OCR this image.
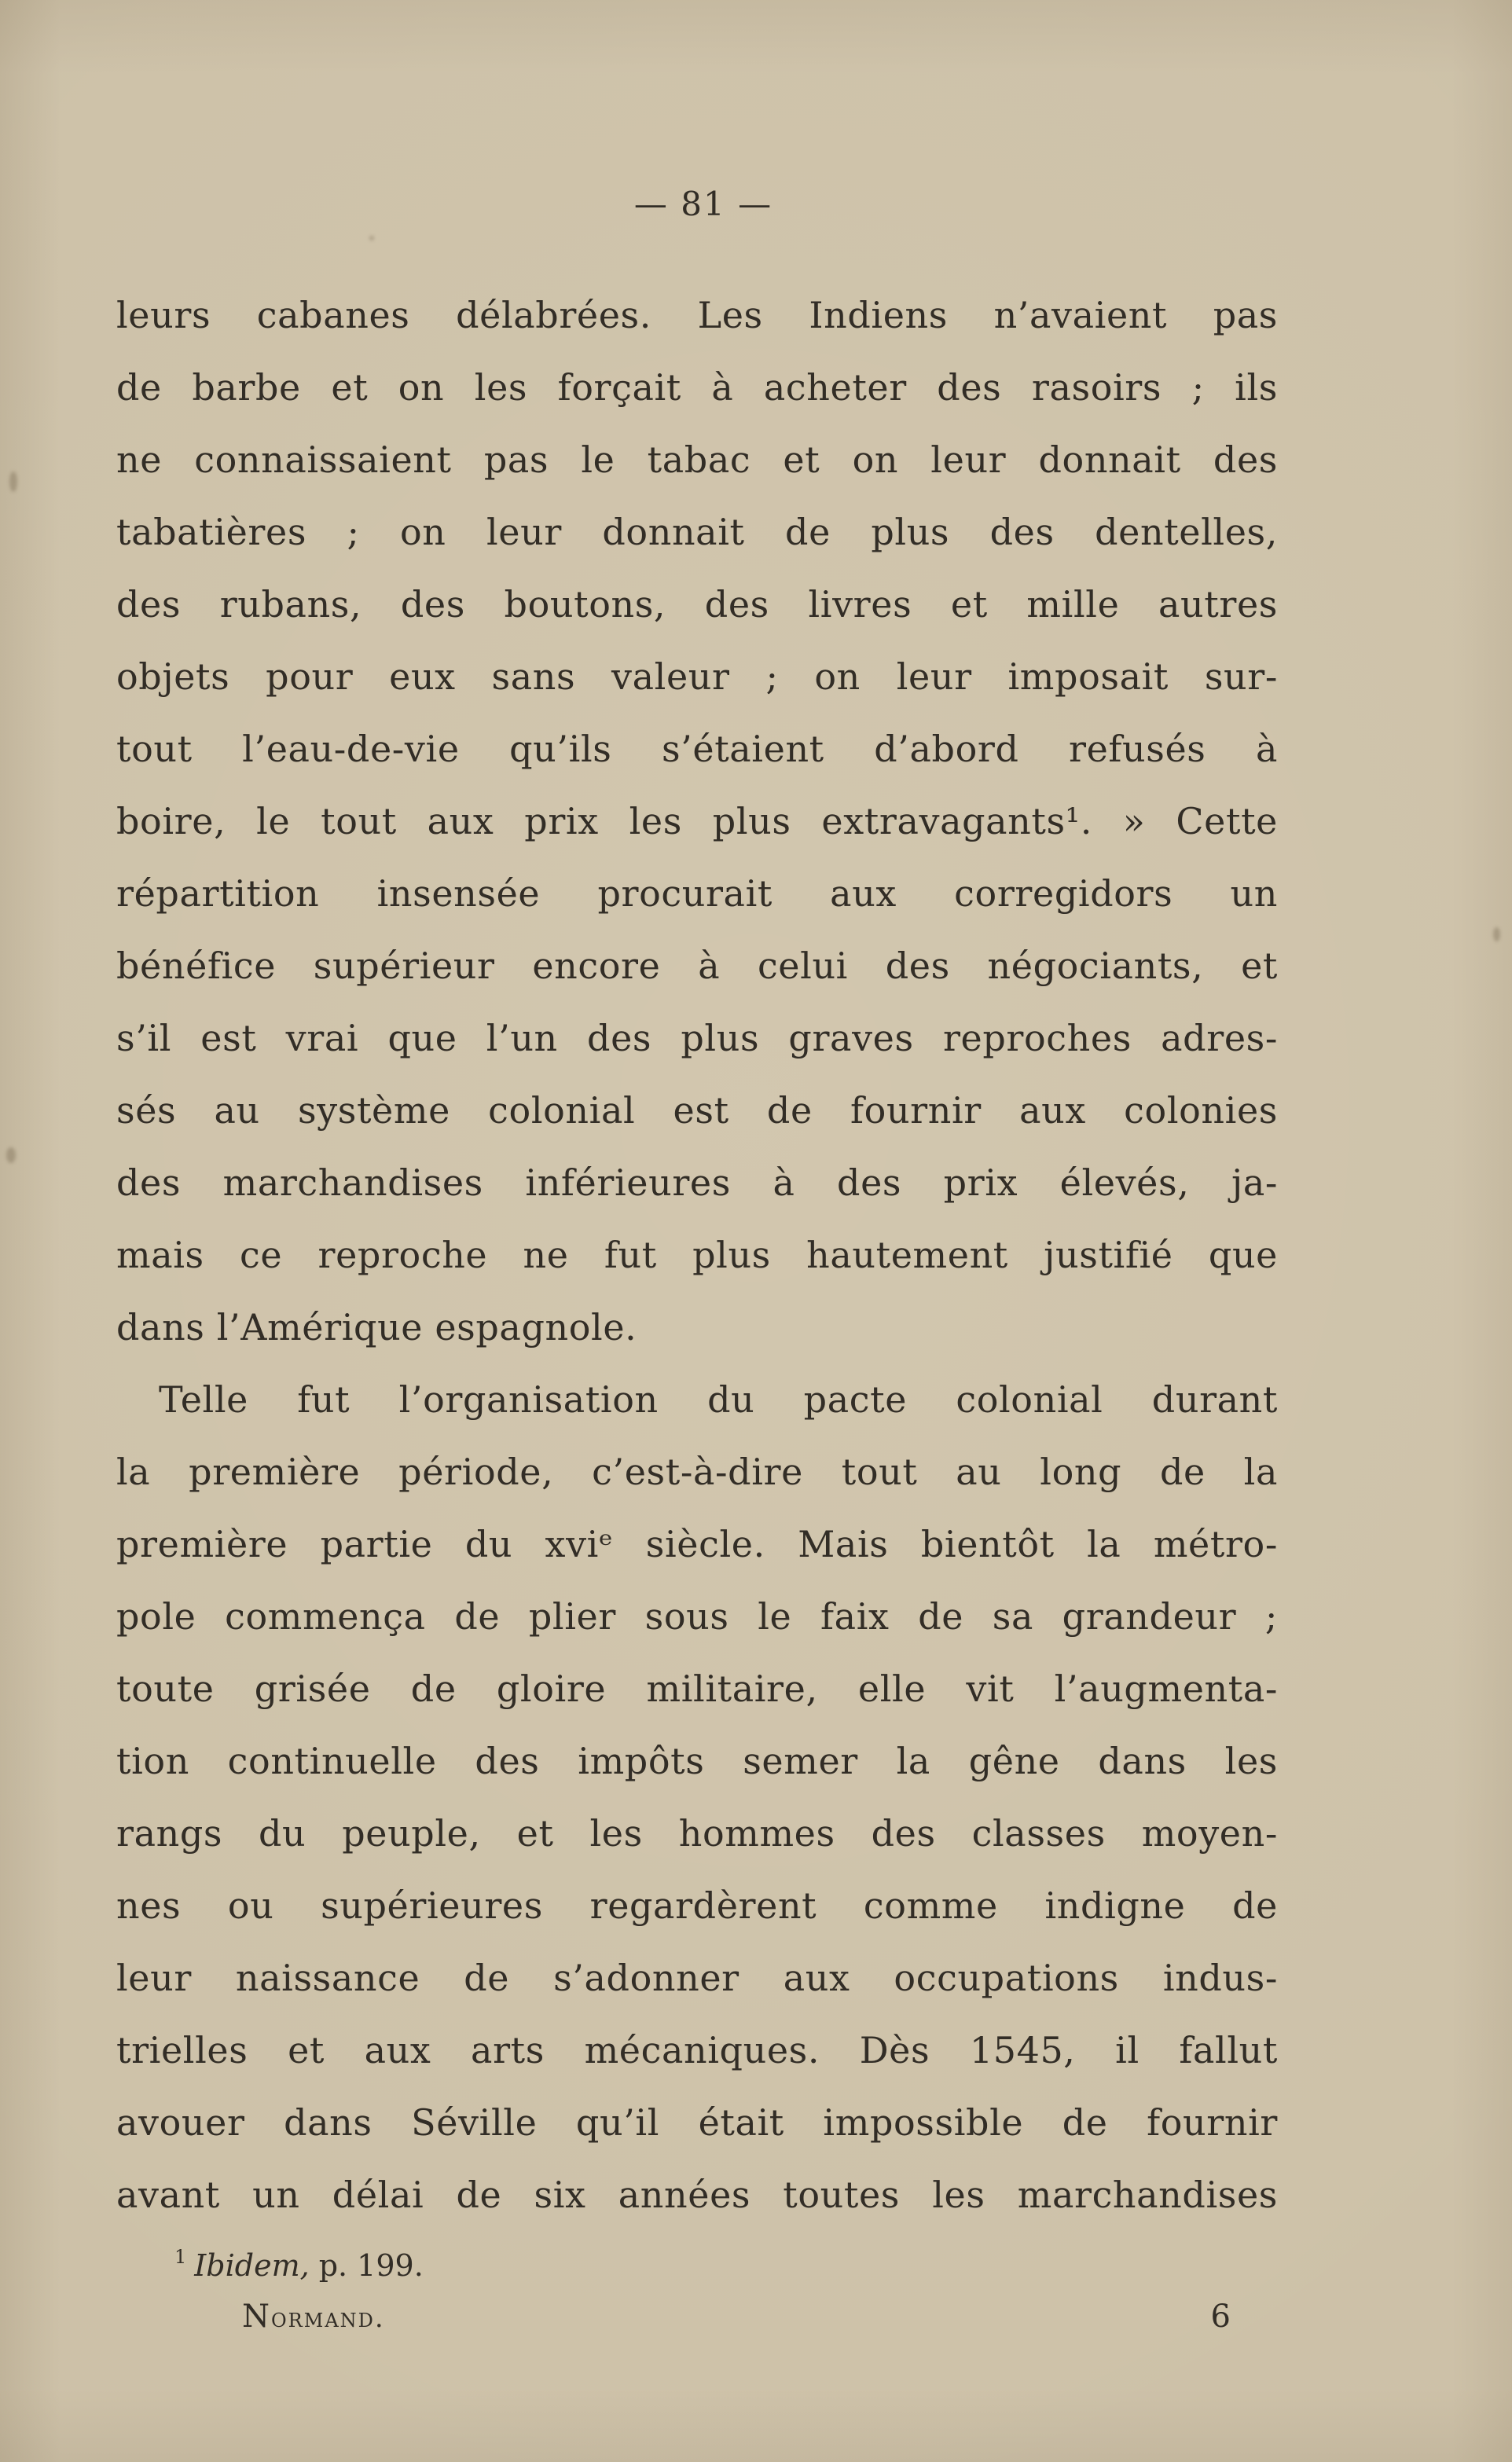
— 81 —
leurs cabanes délabrées. Les Indiens n’avaient pas
de barbe et on les forçait à acheter des rasoirs ; ils
ne connaissaient pas le tabac et on leur donnait des
tabatières ; on leur donnait de plus des dentelles,
des rubans, des boutons, des livres et mille autres
objets pour eux sans valeur ; on leur imposait sur-
tout l’eau-de-vie qu’ils s’étaient d’abord refusés à
boire, le tout aux prix les plus extravagants¹. » Cette
répartition insensée procurait aux corregidors un
bénéfice supérieur encore à celui des négociants, et
s’il est vrai que l’un des plus graves reproches adres-
sés au système colonial est de fournir aux colonies
des marchandises inférieures à des prix élevés, ja-
mais ce reproche ne fut plus hautement justifié que
dans l’Amérique espagnole.
Telle fut l’organisation du pacte colonial durant
la première période, c’est-à-dire tout au long de la
première partie du xviᵉ siècle. Mais bientôt la métro-
pole commença de plier sous le faix de sa grandeur ;
toute grisée de gloire militaire, elle vit l’augmenta-
tion continuelle des impôts semer la gêne dans les
rangs du peuple, et les hommes des classes moyen-
nes ou supérieures regardèrent comme indigne de
leur naissance de s’adonner aux occupations indus-
trielles et aux arts mécaniques. Dès 1545, il fallut
avouer dans Séville qu’il était impossible de fournir
avant un délai de six années toutes les marchandises
$^1$ Ibidem, p. 199.
Normand.	6
